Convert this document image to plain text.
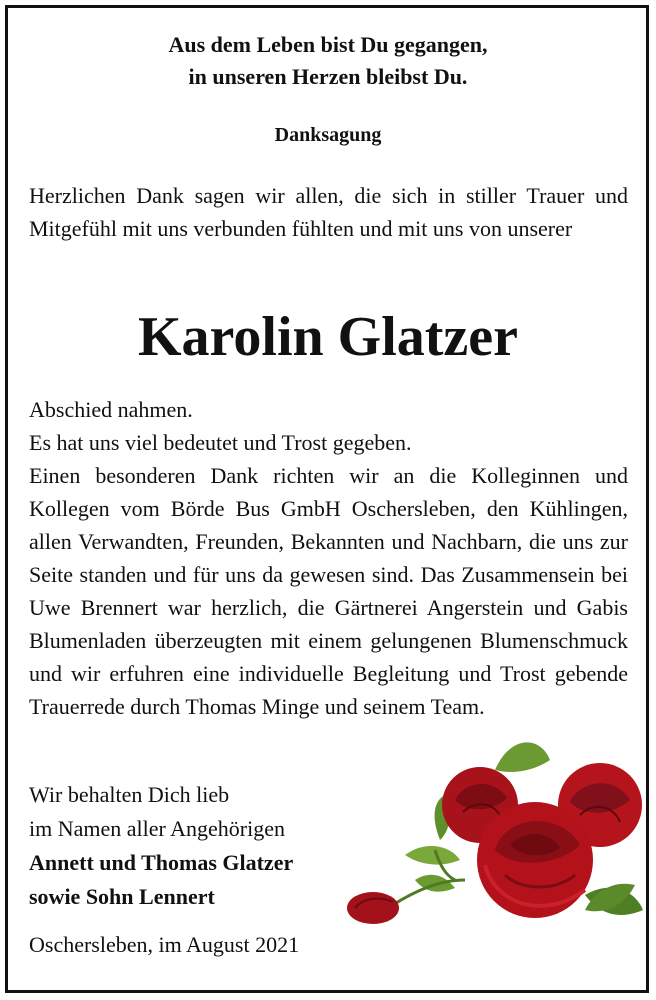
Aus dem Leben bist Du gegangen,
in unseren Herzen bleibst Du.
Danksagung

Herzlichen Dank sagen wir allen, die sich in stiller Trauer und Mitgefühl mit uns verbunden fühlten und mit uns von unserer

Karolin Glatzer
Abschied nahmen.
Es hat uns viel bedeutet und Trost gegeben.
Einen besonderen Dank richten wir an die Kolleginnen und Kollegen vom Börde Bus GmbH Oschersleben, den Kühlingen, allen Verwandten, Freunden, Bekannten und Nachbarn, die uns zur Seite standen und für uns da gewesen sind. Das Zusammensein bei Uwe Brennert war herzlich, die Gärtnerei Angerstein und Gabis Blumenladen überzeugten mit einem gelungenen Blumenschmuck und wir erfuhren eine individuelle Begleitung und Trost gebende Trauerrede durch Thomas Minge und seinem Team.
Wir behalten Dich lieb
im Namen aller Angehörigen
Annett und Thomas Glatzer
sowie Sohn Lennert

Oschersleben, im August 2021
